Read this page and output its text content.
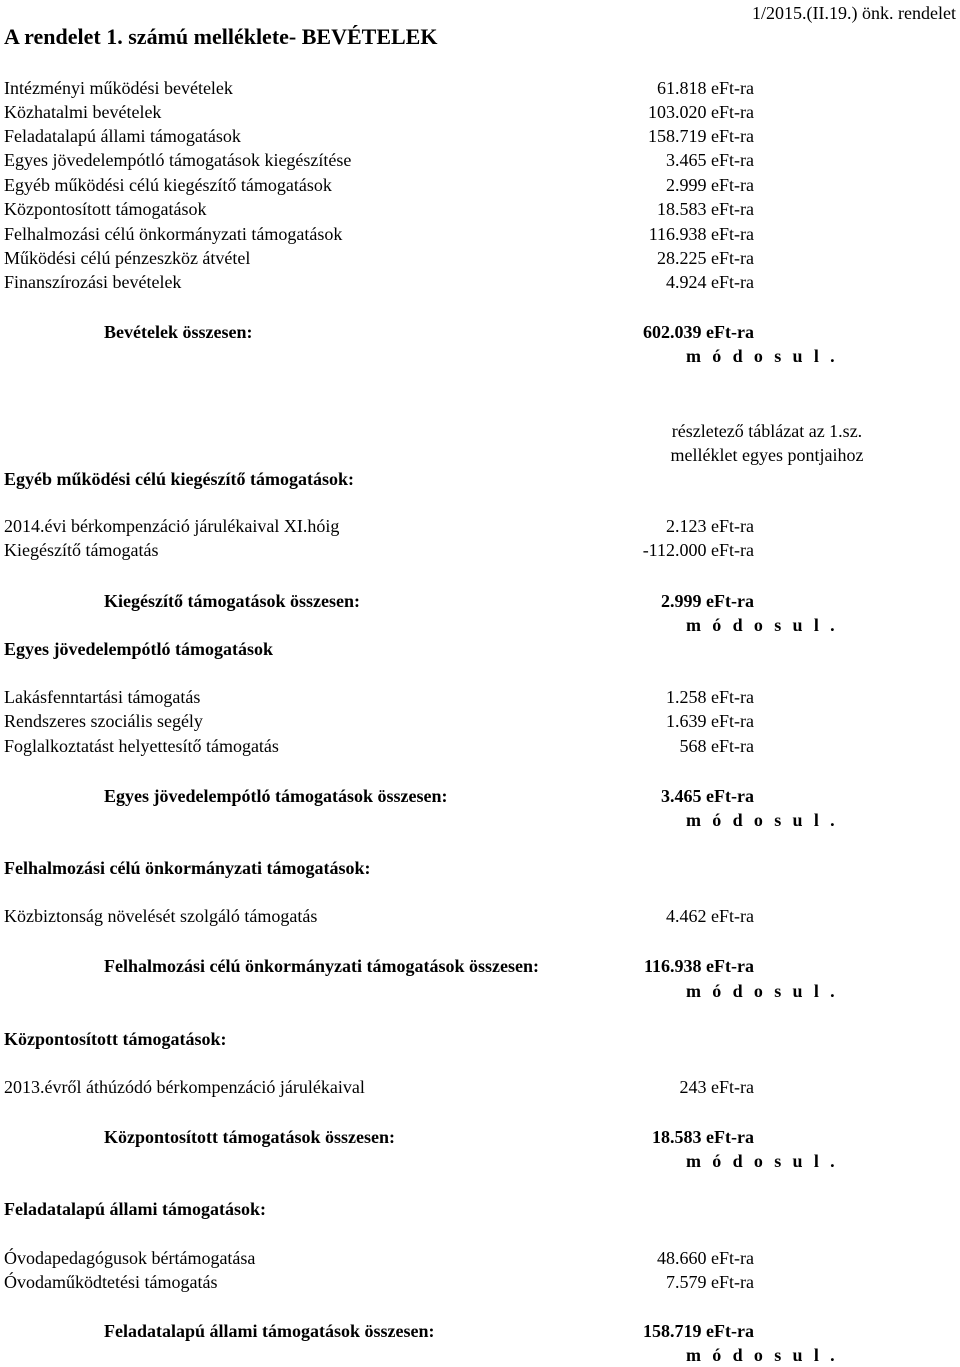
A rendelet 1. számú melléklete- BEVÉTELEK
1/2015.(II.19.) önk. rendelet
Intézményi működési bevételek	61.818 eFt-ra
Közhatalmi bevételek	103.020 eFt-ra
Feladatalapú állami támogatások	158.719 eFt-ra
Egyes jövedelempótló támogatások kiegészítése	3.465 eFt-ra
Egyéb működési célú kiegészítő támogatások	2.999 eFt-ra
Központosított támogatások	18.583 eFt-ra
Felhalmozási célú önkormányzati támogatások	116.938 eFt-ra
Működési célú pénzeszköz átvétel	28.225 eFt-ra
Finanszírozási bevételek	4.924 eFt-ra
Bevételek összesen:	602.039 eFt-ra
m ó d o s u l .
részletező táblázat az 1.sz.
melléklet egyes pontjaihoz
Egyéb működési célú kiegészítő támogatások:
2014.évi bérkompenzáció járulékaival XI.hóig	2.123 eFt-ra
Kiegészítő támogatás	-112.000 eFt-ra
Kiegészítő támogatások összesen:	2.999 eFt-ra
m ó d o s u l .
Egyes jövedelempótló támogatások
Lakásfenntartási támogatás	1.258 eFt-ra
Rendszeres szociális segély	1.639 eFt-ra
Foglalkoztatást helyettesítő támogatás	568 eFt-ra
Egyes jövedelempótló támogatások összesen:	3.465 eFt-ra
m ó d o s u l .
Felhalmozási célú önkormányzati támogatások:
Közbiztonság növelését szolgáló támogatás	4.462 eFt-ra
Felhalmozási célú önkormányzati támogatások összesen:	116.938 eFt-ra
m ó d o s u l .
Központosított támogatások:
2013.évről áthúzódó bérkompenzáció járulékaival	243 eFt-ra
Központosított támogatások összesen:	18.583 eFt-ra
m ó d o s u l .
Feladatalapú állami támogatások:
Óvodapedagógusok bértámogatása	48.660 eFt-ra
Óvodaműködtetési támogatás	7.579 eFt-ra
Feladatalapú állami támogatások összesen:	158.719 eFt-ra
m ó d o s u l .
